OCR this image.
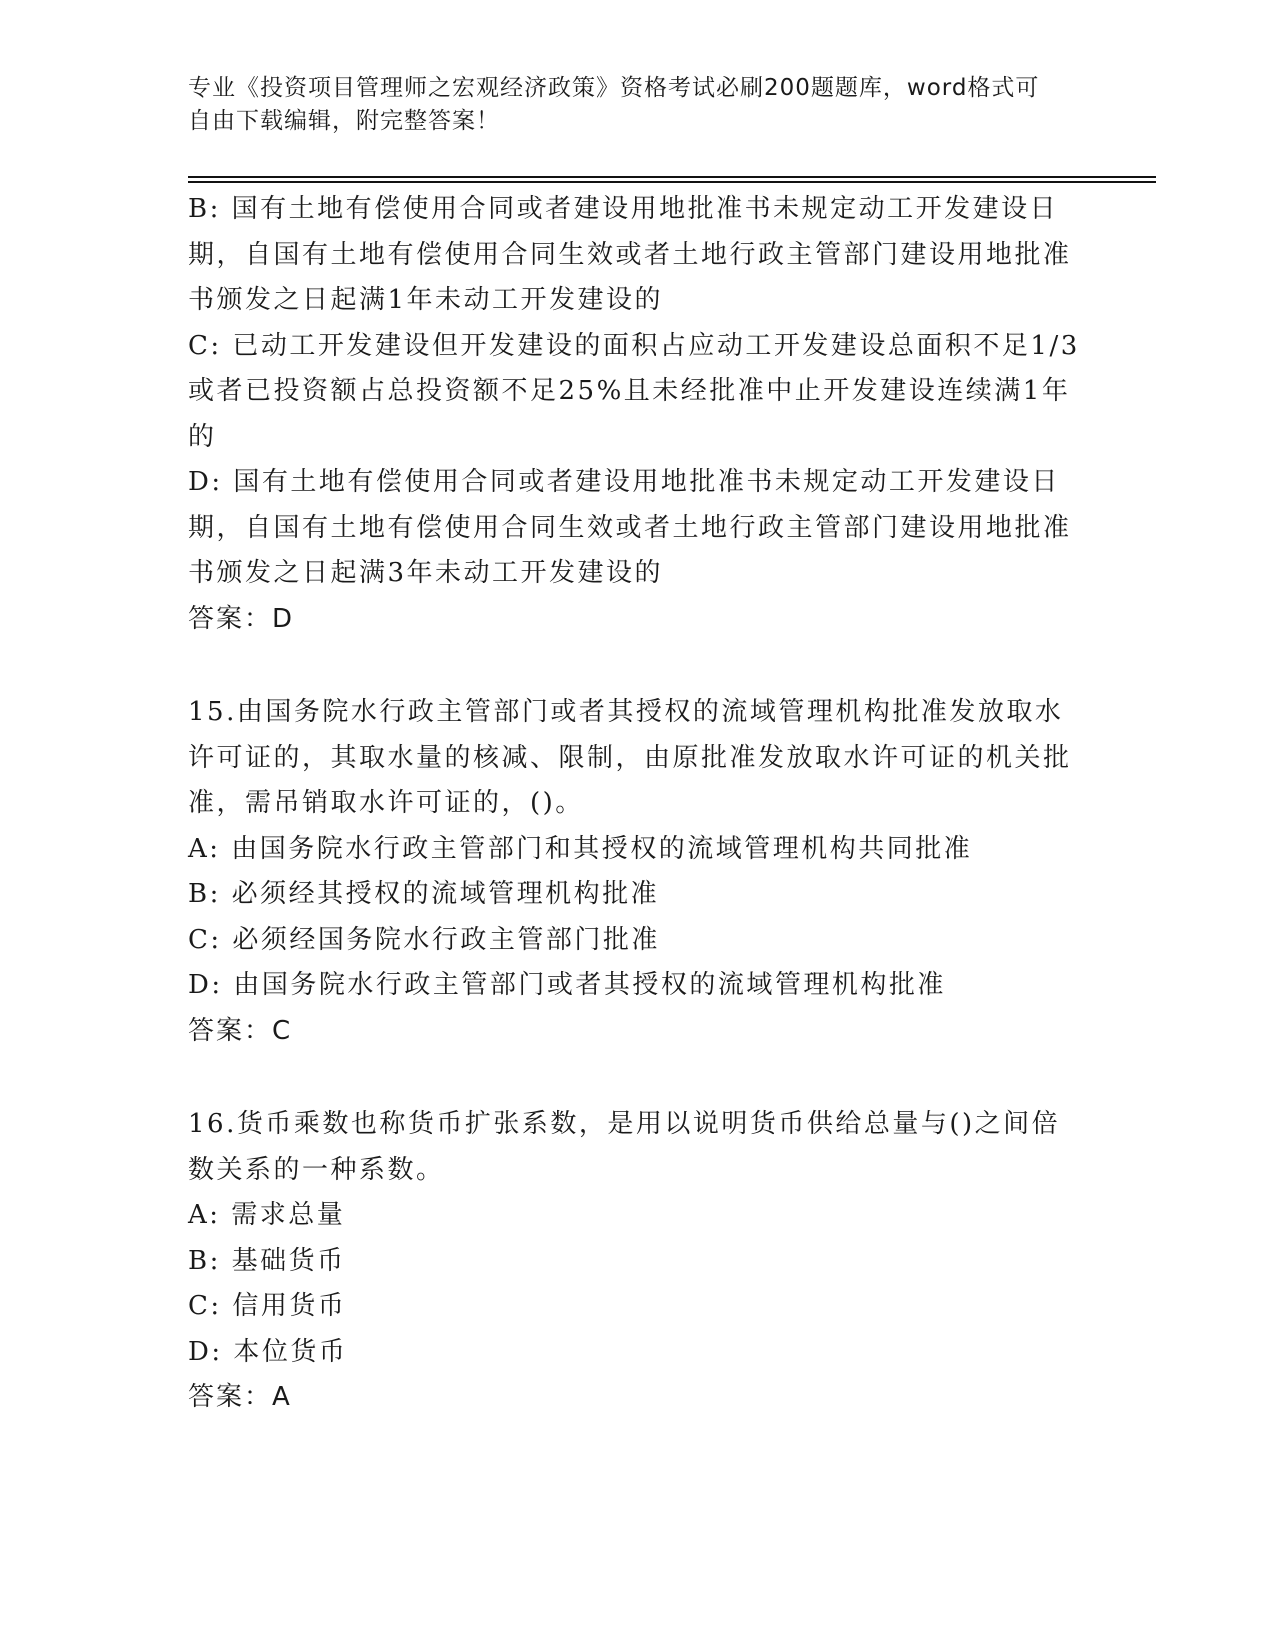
专业《投资项目管理师之宏观经济政策》资格考试必刷200题题库，word格式可
自由下载编辑，附完整答案！

B: 国有土地有偿使用合同或者建设用地批准书未规定动工开发建设日期，自国有土地有偿使用合同生效或者土地行政主管部门建设用地批准书颁发之日起满1年未动工开发建设的

C: 已动工开发建设但开发建设的面积占应动工开发建设总面积不足1/3或者已投资额占总投资额不足25%且未经批准中止开发建设连续满1年的

D: 国有土地有偿使用合同或者建设用地批准书未规定动工开发建设日期，自国有土地有偿使用合同生效或者土地行政主管部门建设用地批准书颁发之日起满3年未动工开发建设的

答案：D

15.由国务院水行政主管部门或者其授权的流域管理机构批准发放取水许可证的，其取水量的核减、限制，由原批准发放取水许可证的机关批准，需吊销取水许可证的，()。

A: 由国务院水行政主管部门和其授权的流域管理机构共同批准

B: 必须经其授权的流域管理机构批准

C: 必须经国务院水行政主管部门批准

D: 由国务院水行政主管部门或者其授权的流域管理机构批准

答案：C

16.货币乘数也称货币扩张系数，是用以说明货币供给总量与()之间倍数关系的一种系数。

A: 需求总量

B: 基础货币

C: 信用货币

D: 本位货币

答案：A
